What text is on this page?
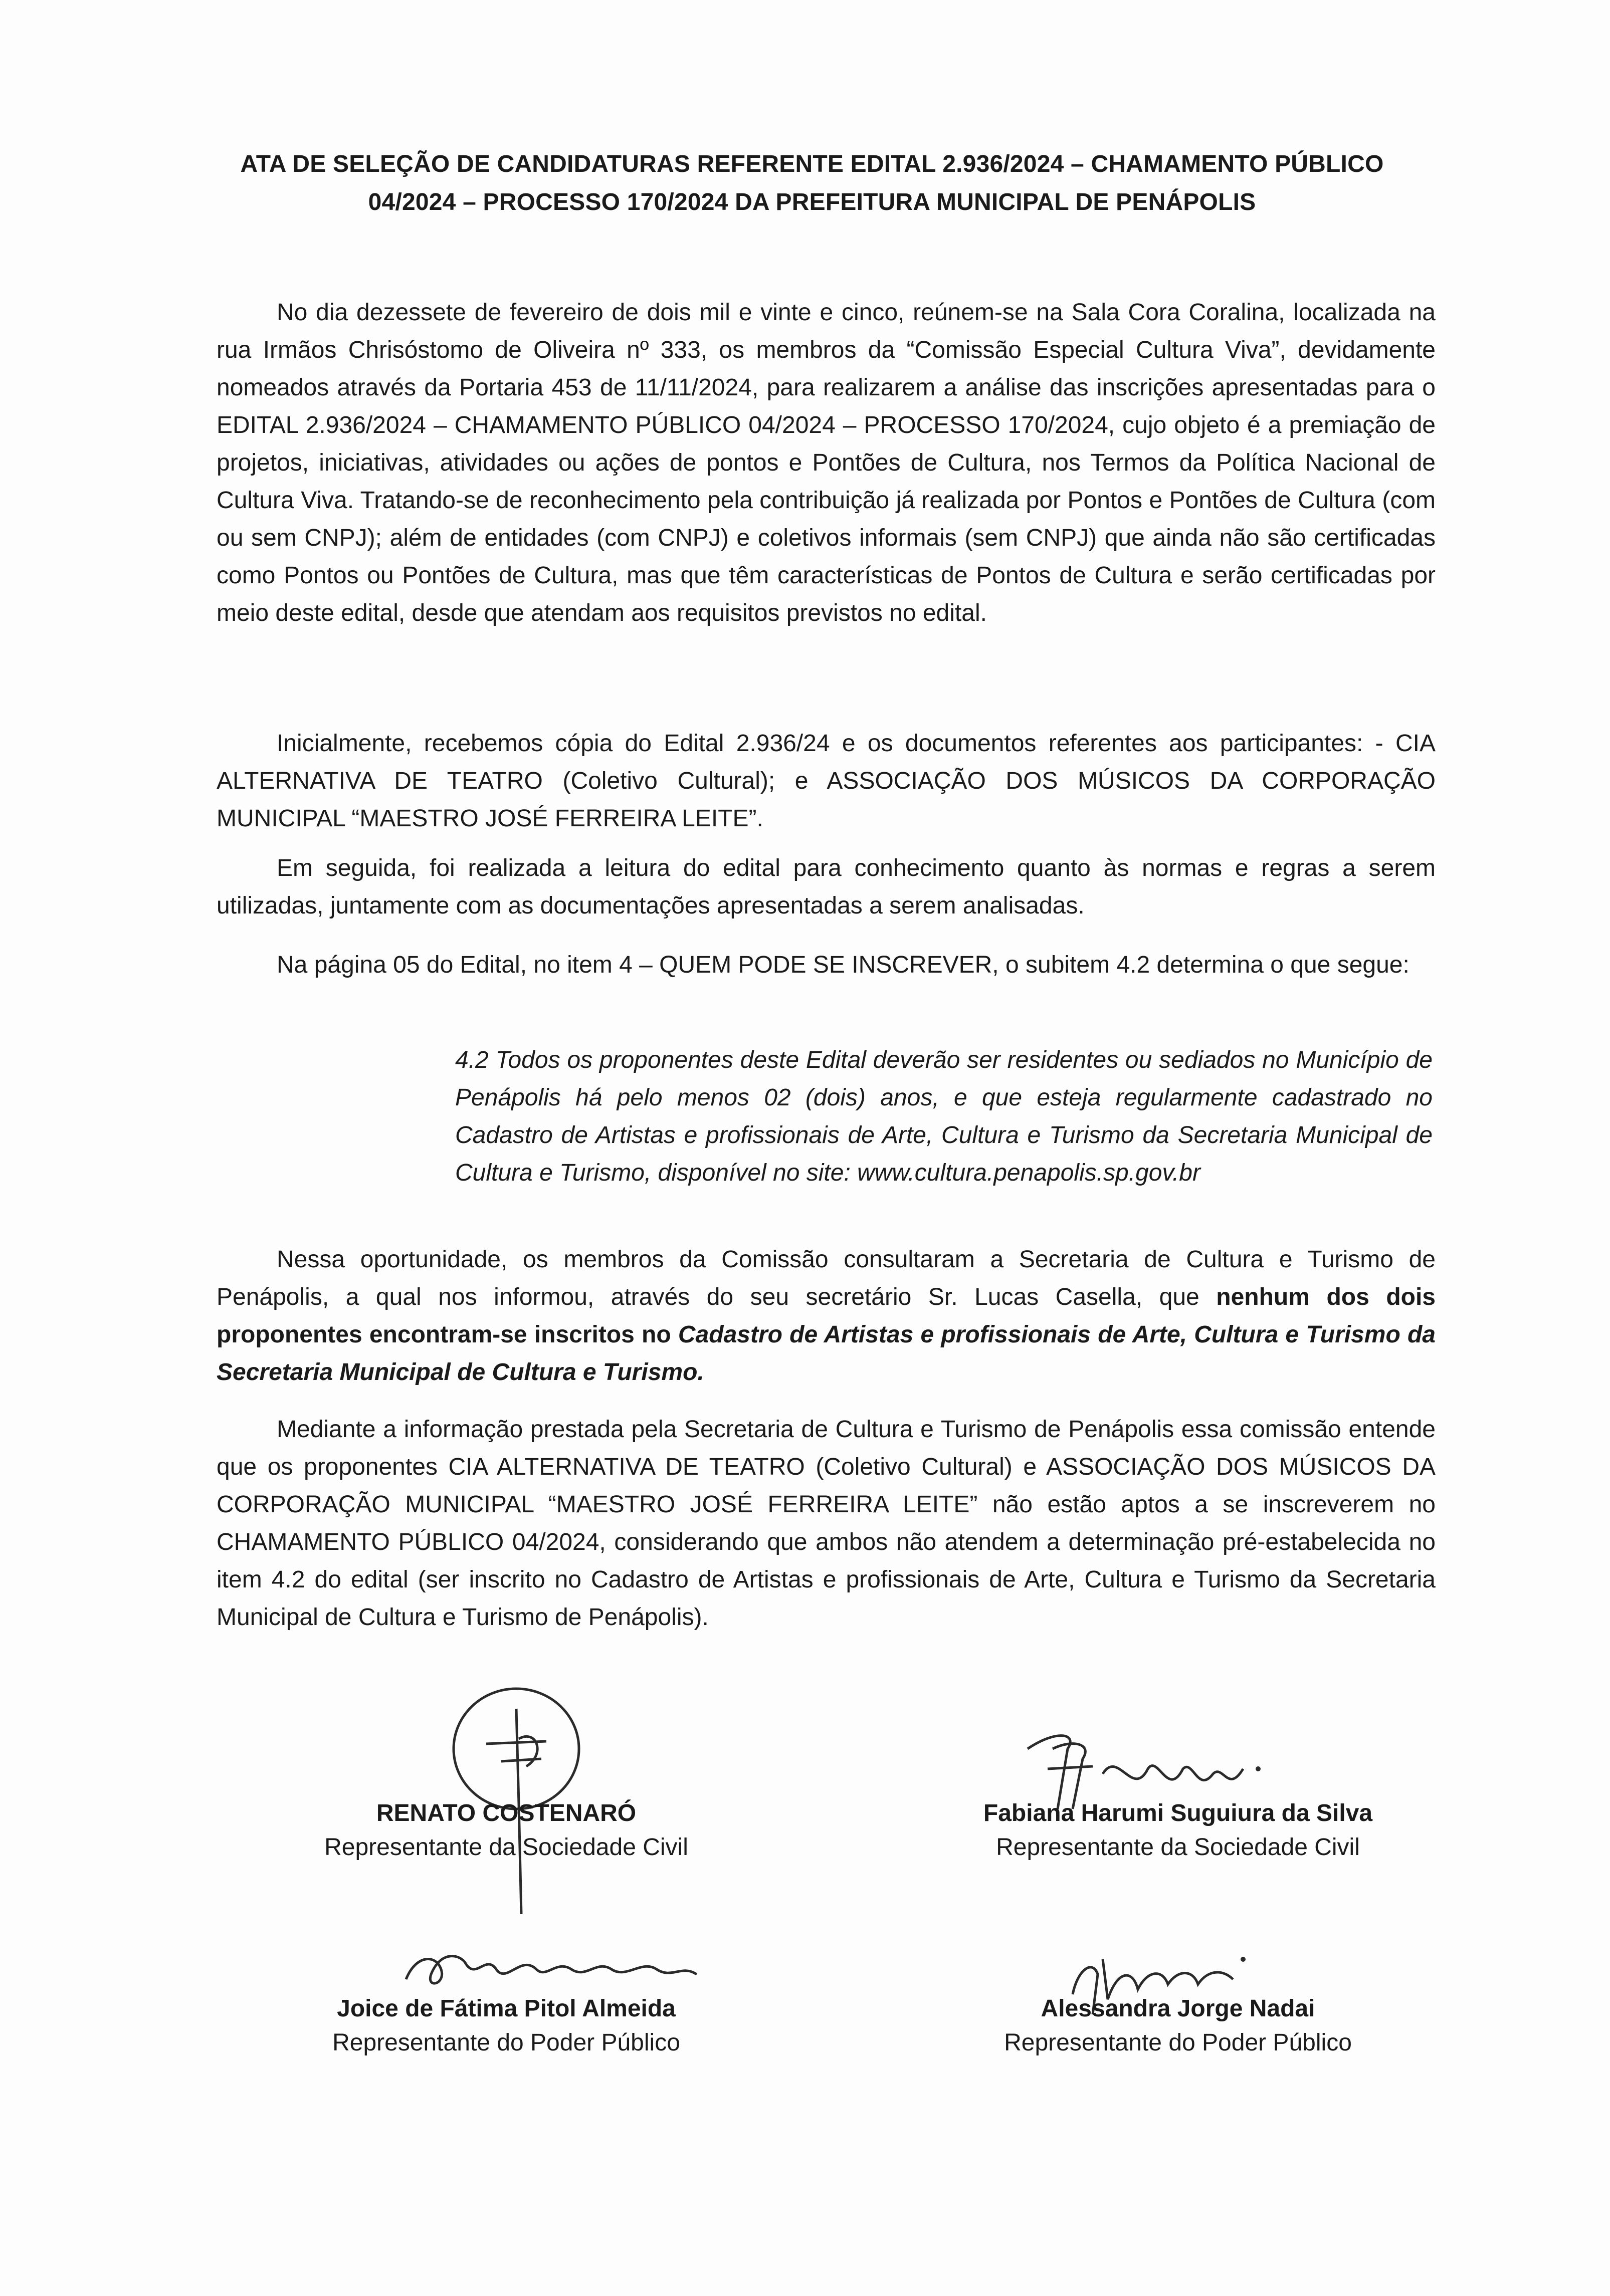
ATA DE SELEÇÃO DE CANDIDATURAS REFERENTE EDITAL 2.936/2024 – CHAMAMENTO PÚBLICO
04/2024 – PROCESSO 170/2024 DA PREFEITURA MUNICIPAL DE PENÁPOLIS

No dia dezessete de fevereiro de dois mil e vinte e cinco, reúnem-se na Sala Cora Coralina, localizada na rua Irmãos Chrisóstomo de Oliveira nº 333, os membros da “Comissão Especial Cultura Viva”, devidamente nomeados através da Portaria 453 de 11/11/2024, para realizarem a análise das inscrições apresentadas para o EDITAL 2.936/2024 – CHAMAMENTO PÚBLICO 04/2024 – PROCESSO 170/2024, cujo objeto é a premiação de projetos, iniciativas, atividades ou ações de pontos e Pontões de Cultura, nos Termos da Política Nacional de Cultura Viva. Tratando-se de reconhecimento pela contribuição já realizada por Pontos e Pontões de Cultura (com ou sem CNPJ); além de entidades (com CNPJ) e coletivos informais (sem CNPJ) que ainda não são certificadas como Pontos ou Pontões de Cultura, mas que têm características de Pontos de Cultura e serão certificadas por meio deste edital, desde que atendam aos requisitos previstos no edital.

Inicialmente, recebemos cópia do Edital 2.936/24 e os documentos referentes aos participantes: - CIA ALTERNATIVA DE TEATRO (Coletivo Cultural); e ASSOCIAÇÃO DOS MÚSICOS DA CORPORAÇÃO MUNICIPAL “MAESTRO JOSÉ FERREIRA LEITE”.

Em seguida, foi realizada a leitura do edital para conhecimento quanto às normas e regras a serem utilizadas, juntamente com as documentações apresentadas a serem analisadas.

Na página 05 do Edital, no item 4 – QUEM PODE SE INSCREVER, o subitem 4.2 determina o que segue:

4.2 Todos os proponentes deste Edital deverão ser residentes ou sediados no Município de Penápolis há pelo menos 02 (dois) anos, e que esteja regularmente cadastrado no Cadastro de Artistas e profissionais de Arte, Cultura e Turismo da Secretaria Municipal de Cultura e Turismo, disponível no site: www.cultura.penapolis.sp.gov.br

Nessa oportunidade, os membros da Comissão consultaram a Secretaria de Cultura e Turismo de Penápolis, a qual nos informou, através do seu secretário Sr. Lucas Casella, que nenhum dos dois proponentes encontram-se inscritos no Cadastro de Artistas e profissionais de Arte, Cultura e Turismo da Secretaria Municipal de Cultura e Turismo.

Mediante a informação prestada pela Secretaria de Cultura e Turismo de Penápolis essa comissão entende que os proponentes CIA ALTERNATIVA DE TEATRO (Coletivo Cultural) e ASSOCIAÇÃO DOS MÚSICOS DA CORPORAÇÃO MUNICIPAL “MAESTRO JOSÉ FERREIRA LEITE” não estão aptos a se inscreverem no CHAMAMENTO PÚBLICO 04/2024, considerando que ambos não atendem a determinação pré-estabelecida no item 4.2 do edital (ser inscrito no Cadastro de Artistas e profissionais de Arte, Cultura e Turismo da Secretaria Municipal de Cultura e Turismo de Penápolis).

RENATO COSTENARÓ
Representante da Sociedade Civil
Fabiana Harumi Suguiura da Silva
Representante da Sociedade Civil
Joice de Fátima Pitol Almeida
Representante do Poder Público
Alessandra Jorge Nadai
Representante do Poder Público
